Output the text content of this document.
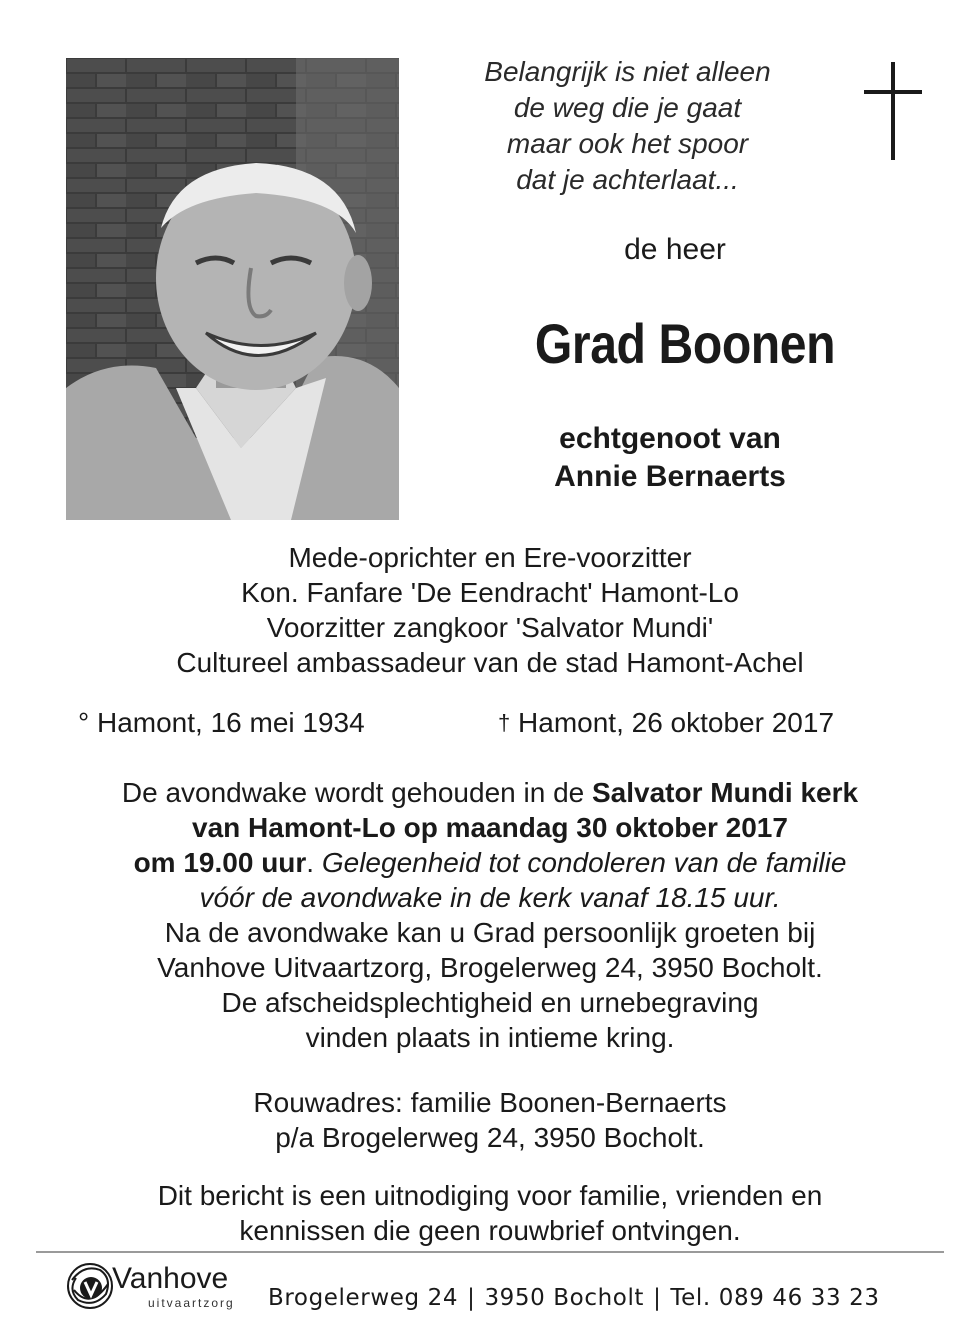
Belangrijk is niet alleen
de weg die je gaat
maar ook het spoor
dat je achterlaat...
de heer
Grad Boonen
echtgenoot van
Annie Bernaerts
Mede-oprichter en Ere-voorzitter
Kon. Fanfare 'De Eendracht' Hamont-Lo
Voorzitter zangkoor 'Salvator Mundi'
Cultureel ambassadeur van de stad Hamont-Achel
° Hamont, 16 mei 1934	† Hamont, 26 oktober 2017
De avondwake wordt gehouden in de Salvator Mundi kerk
van Hamont-Lo op maandag 30 oktober 2017
om 19.00 uur. Gelegenheid tot condoleren van de familie
vóór de avondwake in de kerk vanaf 18.15 uur.
Na de avondwake kan u Grad persoonlijk groeten bij
Vanhove Uitvaartzorg, Brogelerweg 24, 3950 Bocholt.
De afscheidsplechtigheid en urnebegraving
vinden plaats in intieme kring.
Rouwadres: familie Boonen-Bernaerts
p/a Brogelerweg 24, 3950 Bocholt.
Dit bericht is een uitnodiging voor familie, vrienden en
kennissen die geen rouwbrief ontvingen.
Vanhove
uitvaartzorg Brogelerweg 24 | 3950 Bocholt | Tel. 089 46 33 23
